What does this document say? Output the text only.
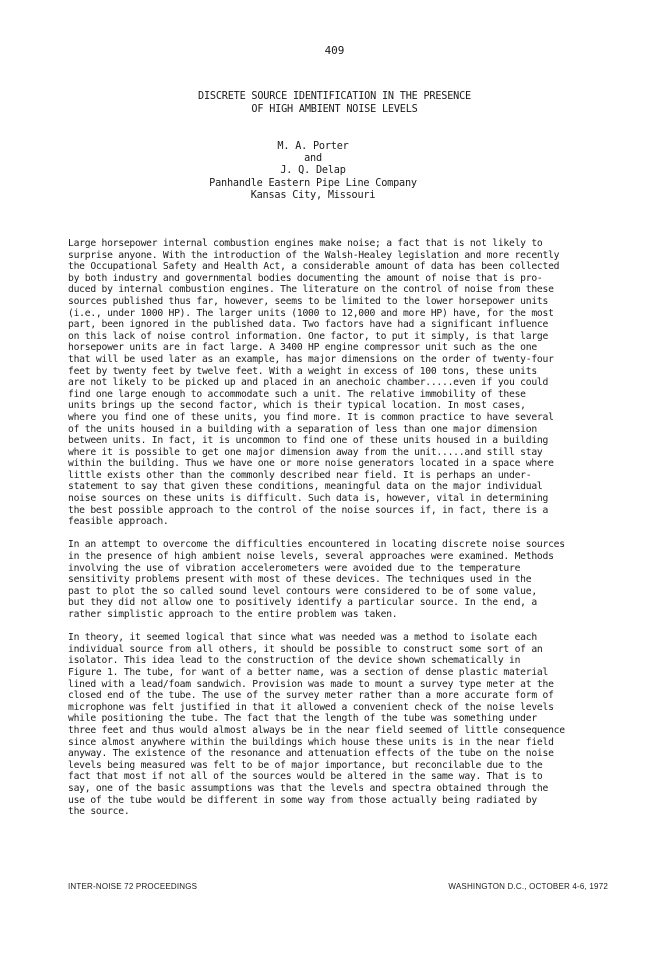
409
DISCRETE SOURCE IDENTIFICATION IN THE PRESENCE
OF HIGH AMBIENT NOISE LEVELS
M. A. Porter
and
J. Q. Delap
Panhandle Eastern Pipe Line Company
Kansas City, Missouri
Large horsepower internal combustion engines make noise; a fact that is not likely to
surprise anyone. With the introduction of the Walsh-Healey legislation and more recently
the Occupational Safety and Health Act, a considerable amount of data has been collected
by both industry and governmental bodies documenting the amount of noise that is pro-
duced by internal combustion engines. The literature on the control of noise from these
sources published thus far, however, seems to be limited to the lower horsepower units
(i.e., under 1000 HP). The larger units (1000 to 12,000 and more HP) have, for the most
part, been ignored in the published data. Two factors have had a significant influence
on this lack of noise control information. One factor, to put it simply, is that large
horsepower units are in fact large. A 3400 HP engine compressor unit such as the one
that will be used later as an example, has major dimensions on the order of twenty-four
feet by twenty feet by twelve feet. With a weight in excess of 100 tons, these units
are not likely to be picked up and placed in an anechoic chamber.....even if you could
find one large enough to accommodate such a unit. The relative immobility of these
units brings up the second factor, which is their typical location. In most cases,
where you find one of these units, you find more. It is common practice to have several
of the units housed in a building with a separation of less than one major dimension
between units. In fact, it is uncommon to find one of these units housed in a building
where it is possible to get one major dimension away from the unit.....and still stay
within the building. Thus we have one or more noise generators located in a space where
little exists other than the commonly described near field. It is perhaps an under-
statement to say that given these conditions, meaningful data on the major individual
noise sources on these units is difficult. Such data is, however, vital in determining
the best possible approach to the control of the noise sources if, in fact, there is a
feasible approach.
In an attempt to overcome the difficulties encountered in locating discrete noise sources
in the presence of high ambient noise levels, several approaches were examined. Methods
involving the use of vibration accelerometers were avoided due to the temperature
sensitivity problems present with most of these devices. The techniques used in the
past to plot the so called sound level contours were considered to be of some value,
but they did not allow one to positively identify a particular source. In the end, a
rather simplistic approach to the entire problem was taken.
In theory, it seemed logical that since what was needed was a method to isolate each
individual source from all others, it should be possible to construct some sort of an
isolator. This idea lead to the construction of the device shown schematically in
Figure 1. The tube, for want of a better name, was a section of dense plastic material
lined with a lead/foam sandwich. Provision was made to mount a survey type meter at the
closed end of the tube. The use of the survey meter rather than a more accurate form of
microphone was felt justified in that it allowed a convenient check of the noise levels
while positioning the tube. The fact that the length of the tube was something under
three feet and thus would almost always be in the near field seemed of little consequence
since almost anywhere within the buildings which house these units is in the near field
anyway. The existence of the resonance and attenuation effects of the tube on the noise
levels being measured was felt to be of major importance, but reconcilable due to the
fact that most if not all of the sources would be altered in the same way. That is to
say, one of the basic assumptions was that the levels and spectra obtained through the
use of the tube would be different in some way from those actually being radiated by
the source.
INTER-NOISE 72 PROCEEDINGS	WASHINGTON D.C., OCTOBER 4-6, 1972
